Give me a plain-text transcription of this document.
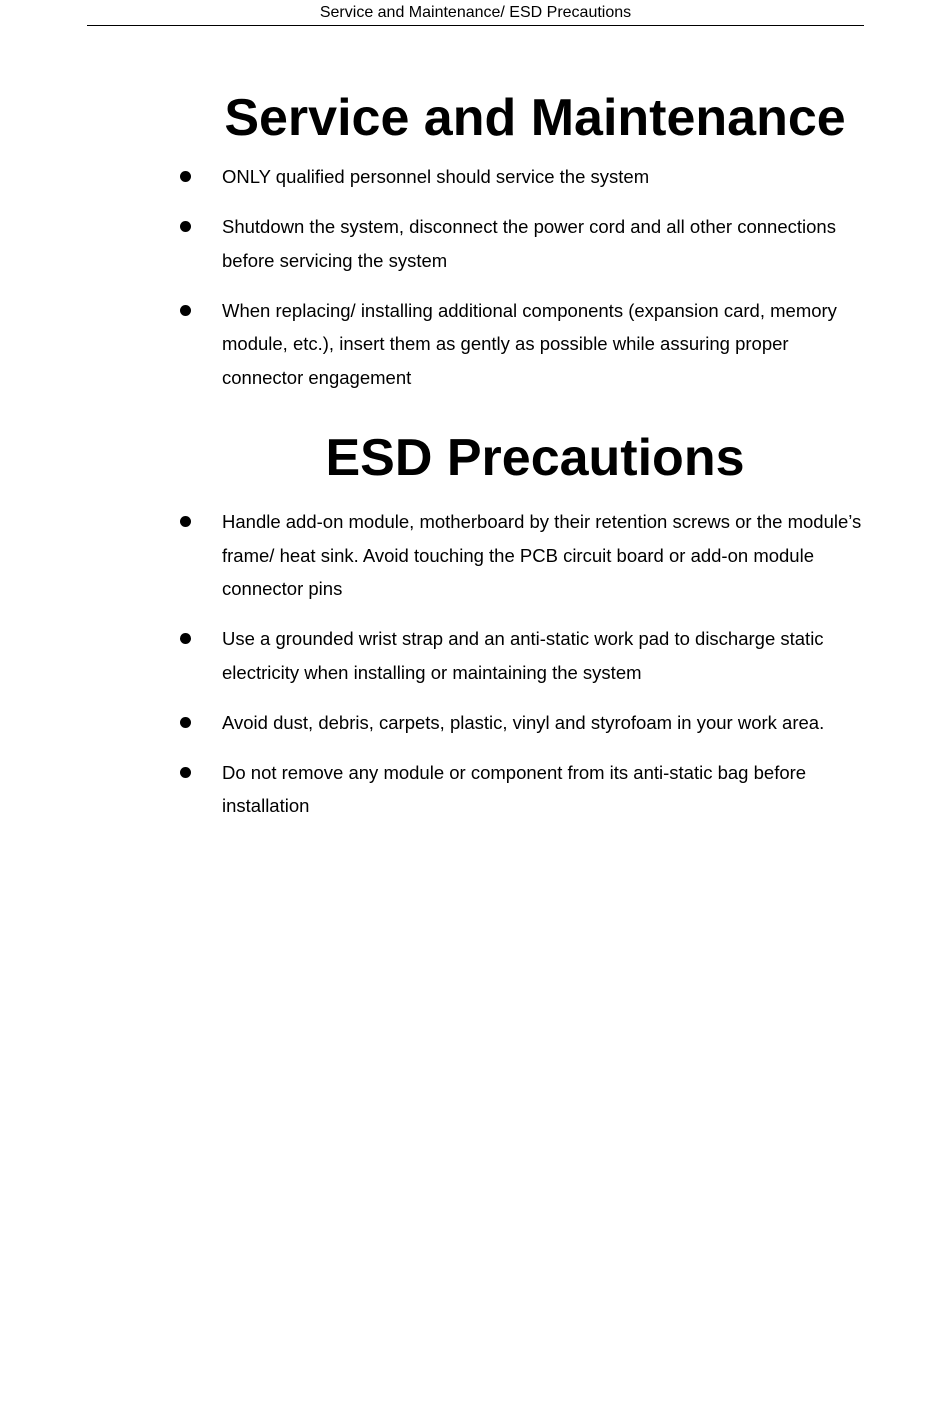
Service and Maintenance/ ESD Precautions
Service and Maintenance
ONLY qualified personnel should service the system
Shutdown the system, disconnect the power cord and all other connections before servicing the system
When replacing/ installing additional components (expansion card, memory module, etc.), insert them as gently as possible while assuring proper connector engagement
ESD Precautions
Handle add-on module, motherboard by their retention screws or the module’s frame/ heat sink. Avoid touching the PCB circuit board or add-on module connector pins
Use a grounded wrist strap and an anti-static work pad to discharge static electricity when installing or maintaining the system
Avoid dust, debris, carpets, plastic, vinyl and styrofoam in your work area.
Do not remove any module or component from its anti-static bag before installation
